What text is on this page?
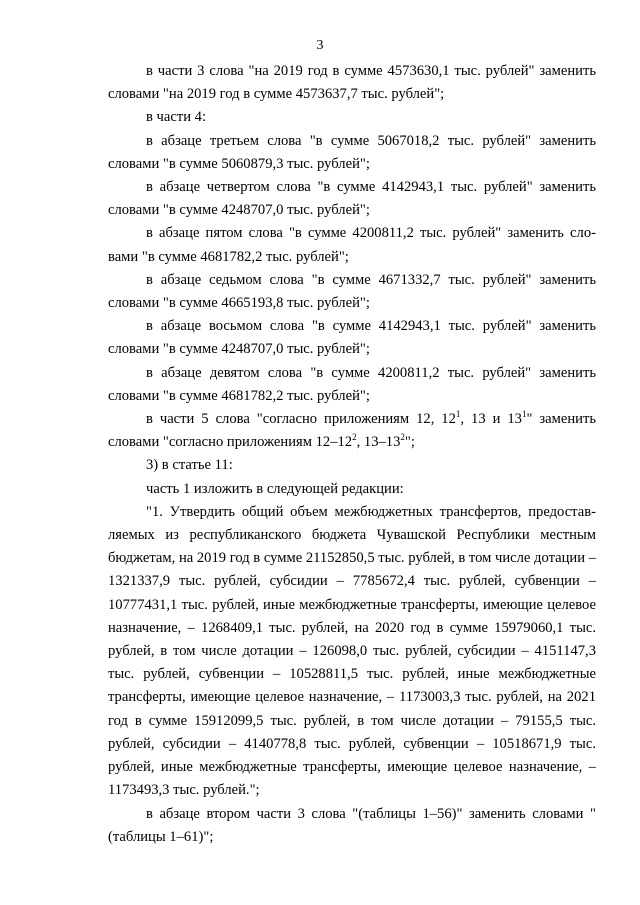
3

в части 3 слова "на 2019 год в сумме 4573630,1 тыс. рублей" заменить словами "на 2019 год в сумме 4573637,7 тыс. рублей";

в части 4:

в абзаце третьем слова "в сумме 5067018,2 тыс. рублей" заменить словами "в сумме 5060879,3 тыс. рублей";

в абзаце четвертом слова "в сумме 4142943,1 тыс. рублей" заменить словами "в сумме 4248707,0 тыс. рублей";

в абзаце пятом слова "в сумме 4200811,2 тыс. рублей" заменить словами "в сумме 4681782,2 тыс. рублей";

в абзаце седьмом слова "в сумме 4671332,7 тыс. рублей" заменить словами "в сумме 4665193,8 тыс. рублей";

в абзаце восьмом слова "в сумме 4142943,1 тыс. рублей" заменить словами "в сумме 4248707,0 тыс. рублей";

в абзаце девятом слова "в сумме 4200811,2 тыс. рублей" заменить словами "в сумме 4681782,2 тыс. рублей";

в части 5 слова "согласно приложениям 12, $12^1$, 13 и $13^1$" заменить словами "согласно приложениям $12-12^2$, $13-13^2$";

3) в статье 11:

часть 1 изложить в следующей редакции:

"1. Утвердить общий объем межбюджетных трансфертов, предоставляемых из республиканского бюджета Чувашской Республики местным бюджетам, на 2019 год в сумме 21152850,5 тыс. рублей, в том числе дотации – 1321337,9 тыс. рублей, субсидии – 7785672,4 тыс. рублей, субвенции – 10777431,1 тыс. рублей, иные межбюджетные трансферты, имеющие целевое назначение, – 1268409,1 тыс. рублей, на 2020 год в сумме 15979060,1 тыс. рублей, в том числе дотации – 126098,0 тыс. рублей, субсидии – 4151147,3 тыс. рублей, субвенции – 10528811,5 тыс. рублей, иные межбюджетные трансферты, имеющие целевое назначение, – 1173003,3 тыс. рублей, на 2021 год в сумме 15912099,5 тыс. рублей, в том числе дотации – 79155,5 тыс. рублей, субсидии – 4140778,8 тыс. рублей, субвенции – 10518671,9 тыс. рублей, иные межбюджетные трансферты, имеющие целевое назначение, – 1173493,3 тыс. рублей.";

в абзаце втором части 3 слова "(таблицы 1–56)" заменить словами "(таблицы 1–61)";
